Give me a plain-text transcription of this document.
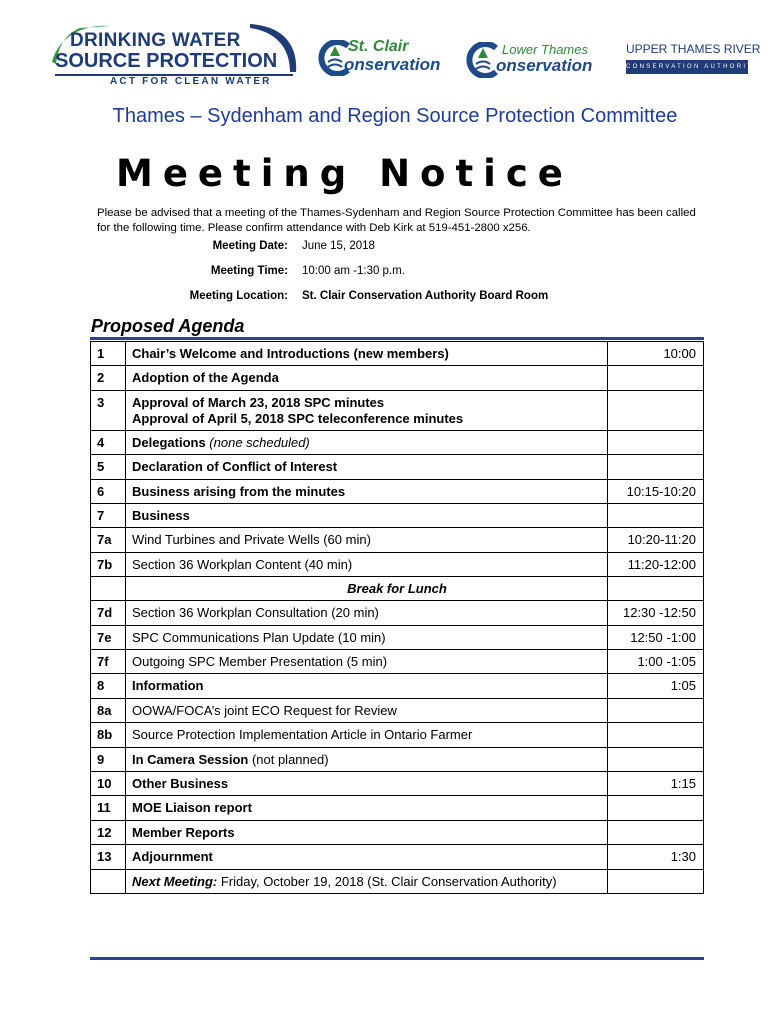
DRINKING WATER
SOURCE PROTECTION
ACT FOR CLEAN WATER
St. Clair
onservation
Lower Thames
onservation
UPPER THAMES RIVER
CONSERVATION AUTHORITY
Thames – Sydenham and Region Source Protection Committee
Meeting Notice
Please be advised that a meeting of the Thames-Sydenham and Region Source Protection Committee has been called for the following time. Please confirm attendance with Deb Kirk at 519-451-2800 x256.
Meeting Date: June 15, 2018
Meeting Time: 10:00 am -1:30 p.m.
Meeting Location: St. Clair Conservation Authority Board Room
Proposed Agenda
1 Chair’s Welcome and Introductions (new members)	10:00
2 Adoption of the Agenda
3 Approval of March 23, 2018 SPC minutes
Approval of April 5, 2018 SPC teleconference minutes
4 Delegations (none scheduled)
5 Declaration of Conflict of Interest
6 Business arising from the minutes	10:15-10:20
7 Business
7a Wind Turbines and Private Wells (60 min)	10:20-11:20
7b Section 36 Workplan Content (40 min)	11:20-12:00
Break for Lunch
7d Section 36 Workplan Consultation (20 min)	12:30 -12:50
7e SPC Communications Plan Update (10 min)	12:50 -1:00
7f Outgoing SPC Member Presentation (5 min)	1:00 -1:05
8 Information	1:05
8a OOWA/FOCA’s joint ECO Request for Review
8b Source Protection Implementation Article in Ontario Farmer
9 In Camera Session (not planned)
10 Other Business	1:15
11 MOE Liaison report
12 Member Reports
13 Adjournment	1:30
Next Meeting: Friday, October 19, 2018 (St. Clair Conservation Authority)
